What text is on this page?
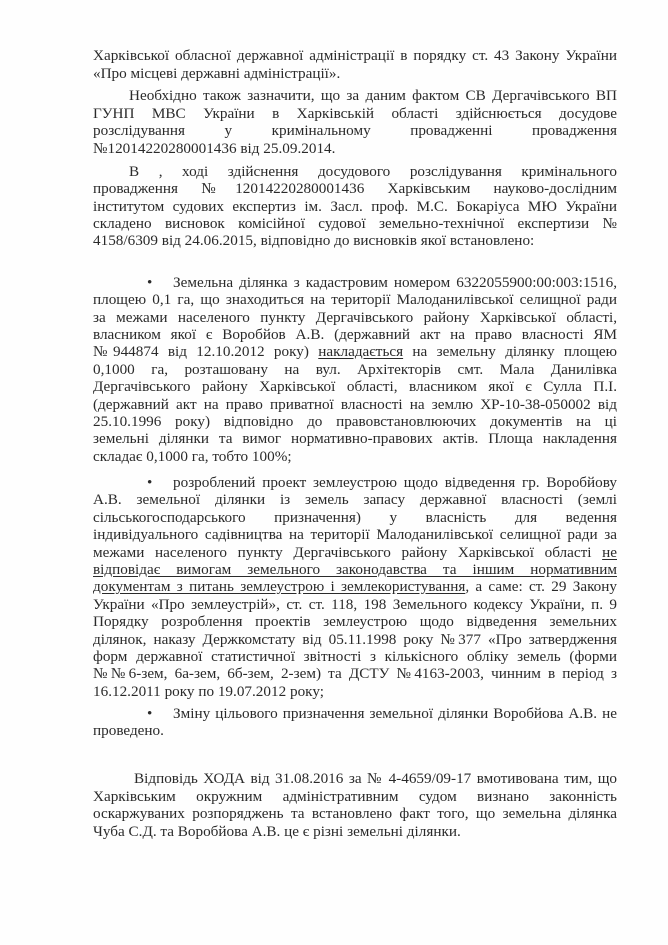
Харківської обласної державної адміністрації в порядку ст. 43 Закону України
«Про місцеві державні адміністрації».
Необхідно також зазначити, що за даним фактом СВ Дергачівського ВП
ГУНП МВС України в Харківській області здійснюється досудове
розслідування у кримінальному провадженні провадження
№12014220280001436 від 25.09.2014.
В , ході здійснення досудового розслідування кримінального
провадження №12014220280001436 Харківським науково-дослідним
інститутом судових експертиз ім. Засл. проф. М.С. Бокаріуса МЮ України
складено висновок комісійної судової земельно-технічної експертизи №
4158/6309 від 24.06.2015, відповідно до висновків якої встановлено:
•	Земельна ділянка з кадастровим номером 6322055900:00:003:1516,
площею 0,1 га, що знаходиться на території Малоданилівської селищної ради
за межами населеного пункту Дергачівського району Харківської області,
власником якої є Воробйов А.В. (державний акт на право власності ЯМ
№944874 від 12.10.2012 року) накладається на земельну ділянку площею
0,1000 га, розташовану на вул. Архітекторів смт. Мала Данилівка
Дергачівського району Харківської області, власником якої є Сулла П.І.
(державний акт на право приватної власності на землю ХР-10-38-050002 від
25.10.1996 року) відповідно до правовстановлюючих документів на ці
земельні ділянки та вимог нормативно-правових актів. Площа накладення
складає 0,1000 га, тобто 100%;
•	розроблений проект землеустрою щодо відведення гр. Воробйову
А.В. земельної ділянки із земель запасу державної власності (землі
сільськогосподарського призначення) у власність для ведення
індивідуального садівництва на території Малоданилівської селищної ради за
межами населеного пункту Дергачівського району Харківської області не
відповідає вимогам земельного законодавства та іншим нормативним
документам з питань землеустрою і землекористування, а саме: ст. 29 Закону
України «Про землеустрій», ст. ст. 118, 198 Земельного кодексу України, п. 9
Порядку розроблення проектів землеустрою щодо відведення земельних
ділянок, наказу Держкомстату від 05.11.1998 року №377 «Про затвердження
форм державної статистичної звітності з кількісного обліку земель (форми
№№6-зем, 6а-зем, 6б-зем, 2-зем) та ДСТУ №4163-2003, чинним в період з
16.12.2011 року по 19.07.2012 року;
•	Зміну цільового призначення земельної ділянки Воробйова А.В. не
проведено.
Відповідь ХОДА від 31.08.2016 за № 4-4659/09-17 вмотивована тим, що
Харківським окружним адміністративним судом визнано законність
оскаржуваних розпоряджень та встановлено факт того, що земельна ділянка
Чуба С.Д. та Воробйова А.В. це є різні земельні ділянки.
